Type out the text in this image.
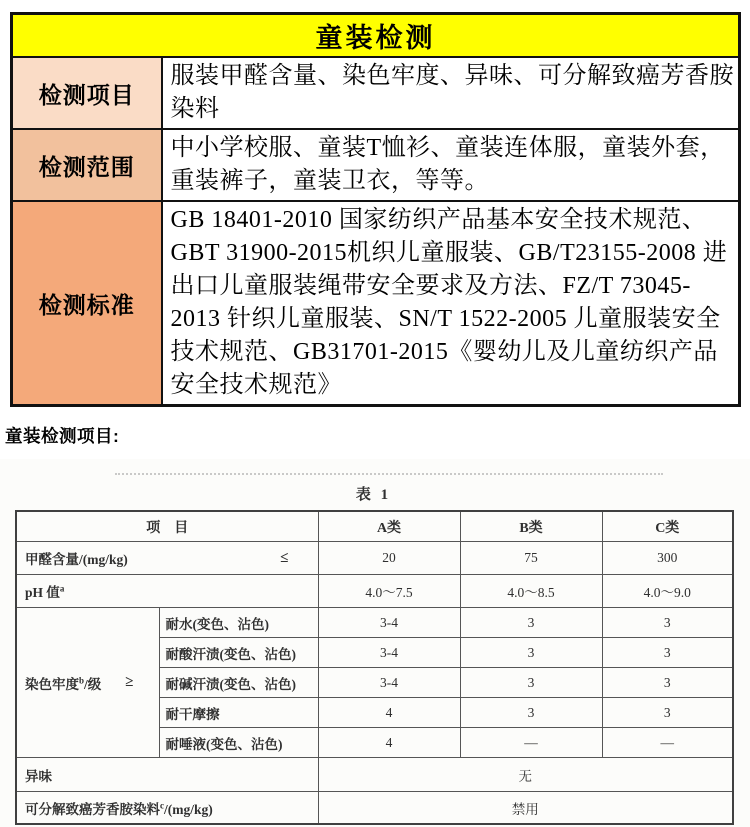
童装检测	
检测项目	服装甲醛含量、染色牢度、异味、可分解致癌芳香胺染料
检测范围	中小学校服、童装T恤衫、童装连体服，童装外套，重装裤子，童装卫衣，等等。
检测标准	GB 18401-2010 国家纺织产品基本安全技术规范、GBT 31900-2015机织儿童服装、GB/T23155-2008 进出口儿童服装绳带安全要求及方法、FZ/T 73045-2013 针织儿童服装、SN/T 1522-2005 儿童服装安全技术规范、GB31701-2015《婴幼儿及儿童纺织产品安全技术规范》
童装检测项目:
表 1
项    目		A类	B类	C类

甲醛含量/(mg/kg) ≤		20	75	300
pH 值$^a$		4.0～7.5	4.0～8.5	4.0～9.0

染色牢度$^b$/级 ≥	耐水(变色、沾色)	3-4	3	3
	耐酸汗渍(变色、沾色)	3-4	3	3
	耐碱汗渍(变色、沾色)	3-4	3	3
	耐干摩擦	4	3	3
	耐唾液(变色、沾色)	4	—	—
异味		无		
可分解致癌芳香胺染料$^c$/(mg/kg)		禁用		
